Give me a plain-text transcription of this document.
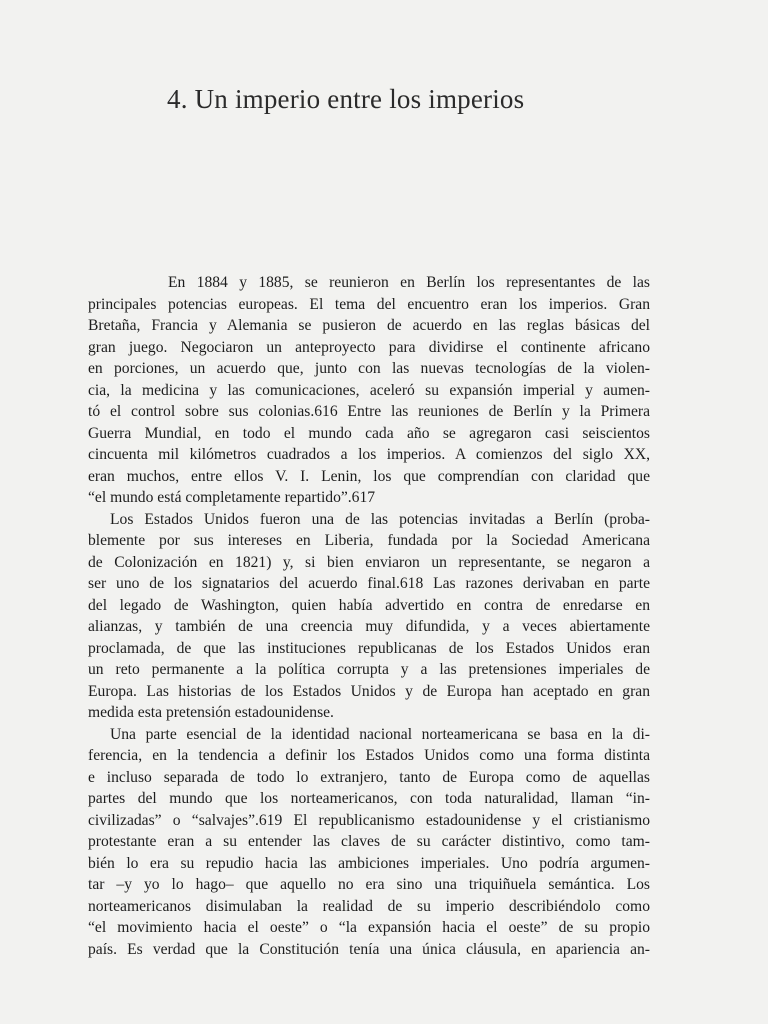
4. Un imperio entre los imperios
En 1884 y 1885, se reunieron en Berlín los representantes de las
principales potencias europeas. El tema del encuentro eran los imperios. Gran
Bretaña, Francia y Alemania se pusieron de acuerdo en las reglas básicas del
gran juego. Negociaron un anteproyecto para dividirse el continente africano
en porciones, un acuerdo que, junto con las nuevas tecnologías de la violen-
cia, la medicina y las comunicaciones, aceleró su expansión imperial y aumen-
tó el control sobre sus colonias.616 Entre las reuniones de Berlín y la Primera
Guerra Mundial, en todo el mundo cada año se agregaron casi seiscientos
cincuenta mil kilómetros cuadrados a los imperios. A comienzos del siglo XX,
eran muchos, entre ellos V. I. Lenin, los que comprendían con claridad que
“el mundo está completamente repartido”.617
Los Estados Unidos fueron una de las potencias invitadas a Berlín (proba-
blemente por sus intereses en Liberia, fundada por la Sociedad Americana
de Colonización en 1821) y, si bien enviaron un representante, se negaron a
ser uno de los signatarios del acuerdo final.618 Las razones derivaban en parte
del legado de Washington, quien había advertido en contra de enredarse en
alianzas, y también de una creencia muy difundida, y a veces abiertamente
proclamada, de que las instituciones republicanas de los Estados Unidos eran
un reto permanente a la política corrupta y a las pretensiones imperiales de
Europa. Las historias de los Estados Unidos y de Europa han aceptado en gran
medida esta pretensión estadounidense.
Una parte esencial de la identidad nacional norteamericana se basa en la di-
ferencia, en la tendencia a definir los Estados Unidos como una forma distinta
e incluso separada de todo lo extranjero, tanto de Europa como de aquellas
partes del mundo que los norteamericanos, con toda naturalidad, llaman “in-
civilizadas” o “salvajes”.619 El republicanismo estadounidense y el cristianismo
protestante eran a su entender las claves de su carácter distintivo, como tam-
bién lo era su repudio hacia las ambiciones imperiales. Uno podría argumen-
tar –y yo lo hago– que aquello no era sino una triquiñuela semántica. Los
norteamericanos disimulaban la realidad de su imperio describiéndolo como
“el movimiento hacia el oeste” o “la expansión hacia el oeste” de su propio
país. Es verdad que la Constitución tenía una única cláusula, en apariencia an-
